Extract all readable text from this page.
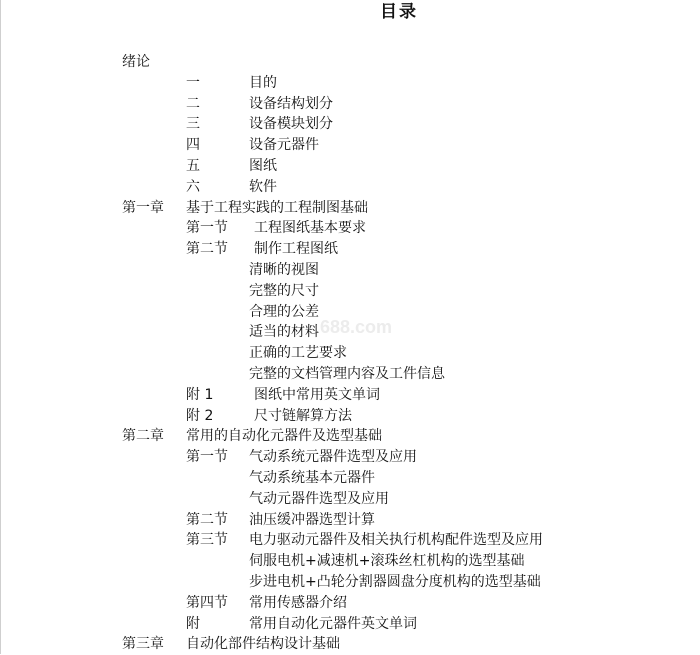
目录
688.com
绪论
一	目的
二	设备结构划分
三	设备模块划分
四	设备元器件
五	图纸
六	软件
第一章 基于工程实践的工程制图基础
第一节 工程图纸基本要求
第二节 制作工程图纸
清晰的视图
完整的尺寸
合理的公差
适当的材料
正确的工艺要求
完整的文档管理内容及工件信息
附 1	图纸中常用英文单词
附 2	尺寸链解算方法
第二章 常用的自动化元器件及选型基础
第一节 气动系统元器件选型及应用
气动系统基本元器件
气动元器件选型及应用
第二节 油压缓冲器选型计算
第三节 电力驱动元器件及相关执行机构配件选型及应用
伺服电机+减速机+滚珠丝杠机构的选型基础
步进电机+凸轮分割器圆盘分度机构的选型基础
第四节 常用传感器介绍
附	常用自动化元器件英文单词
第三章 自动化部件结构设计基础
